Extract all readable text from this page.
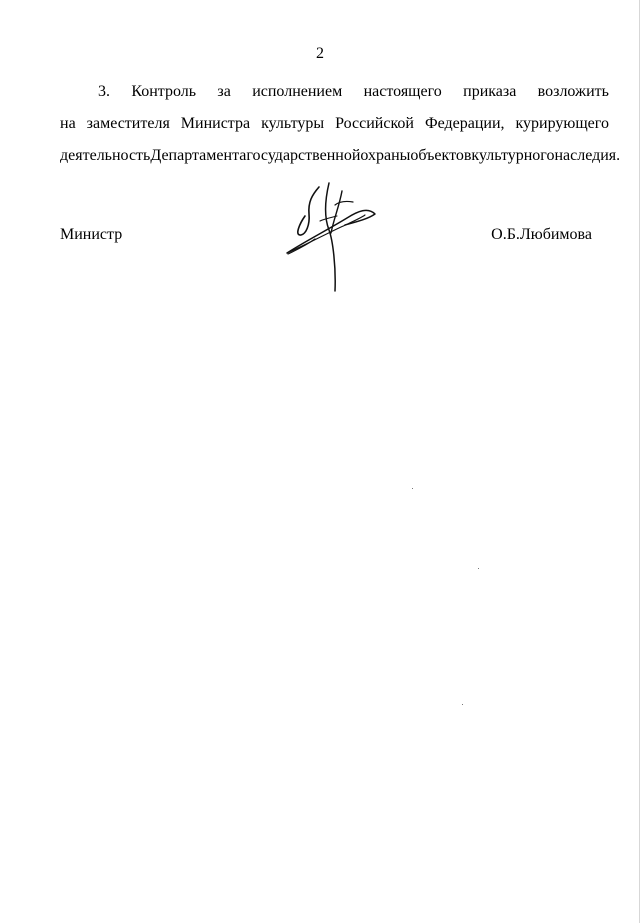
2
3. Контроль за исполнением настоящего приказа возложить
на заместителя Министра культуры Российской Федерации, курирующего
деятельность Департамента государственной охраны объектов культурного наследия.
Министр	О.Б.Любимова
